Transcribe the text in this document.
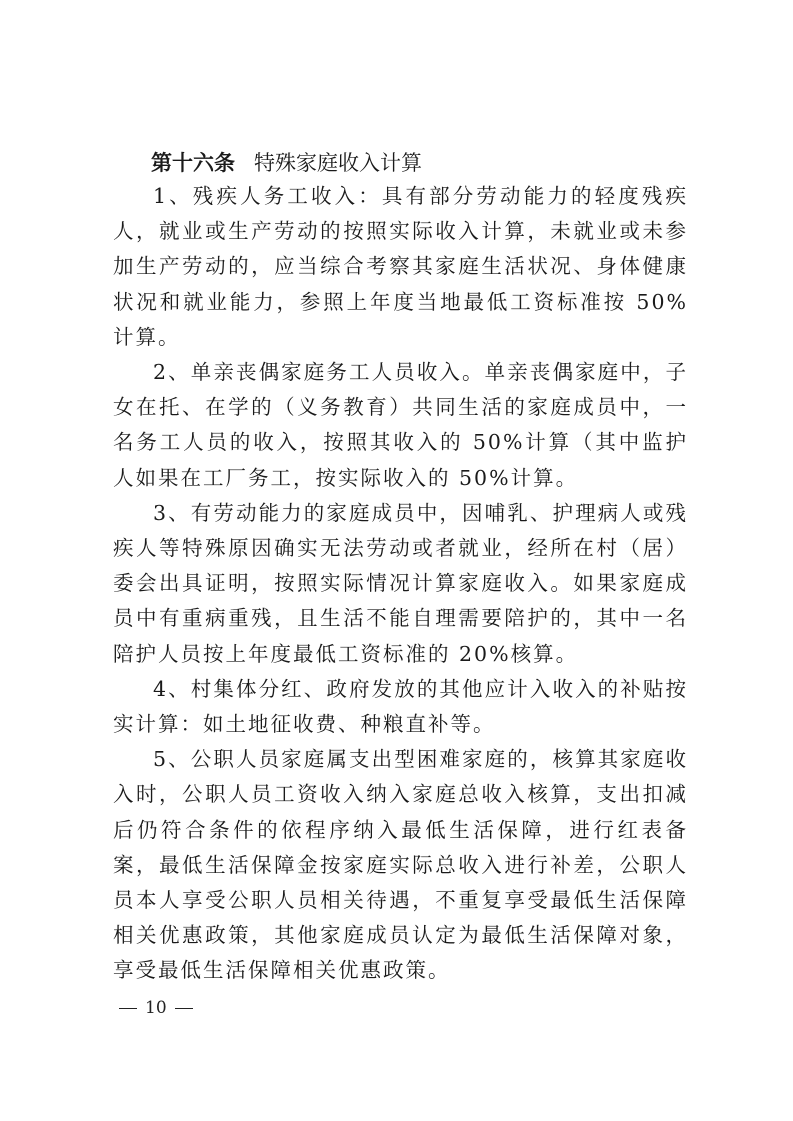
第十六条 特殊家庭收入计算

1、残疾人务工收入：具有部分劳动能力的轻度残疾人，就业或生产劳动的按照实际收入计算，未就业或未参加生产劳动的，应当综合考察其家庭生活状况、身体健康状况和就业能力，参照上年度当地最低工资标准按 50%计算。

2、单亲丧偶家庭务工人员收入。单亲丧偶家庭中，子女在托、在学的（义务教育）共同生活的家庭成员中，一名务工人员的收入，按照其收入的 50%计算（其中监护人如果在工厂务工，按实际收入的 50%计算。

3、有劳动能力的家庭成员中，因哺乳、护理病人或残疾人等特殊原因确实无法劳动或者就业，经所在村（居）委会出具证明，按照实际情况计算家庭收入。如果家庭成员中有重病重残，且生活不能自理需要陪护的，其中一名陪护人员按上年度最低工资标准的 20%核算。

4、村集体分红、政府发放的其他应计入收入的补贴按实计算：如土地征收费、种粮直补等。

5、公职人员家庭属支出型困难家庭的，核算其家庭收入时，公职人员工资收入纳入家庭总收入核算，支出扣减后仍符合条件的依程序纳入最低生活保障，进行红表备案，最低生活保障金按家庭实际总收入进行补差，公职人员本人享受公职人员相关待遇，不重复享受最低生活保障相关优惠政策，其他家庭成员认定为最低生活保障对象，享受最低生活保障相关优惠政策。

10
